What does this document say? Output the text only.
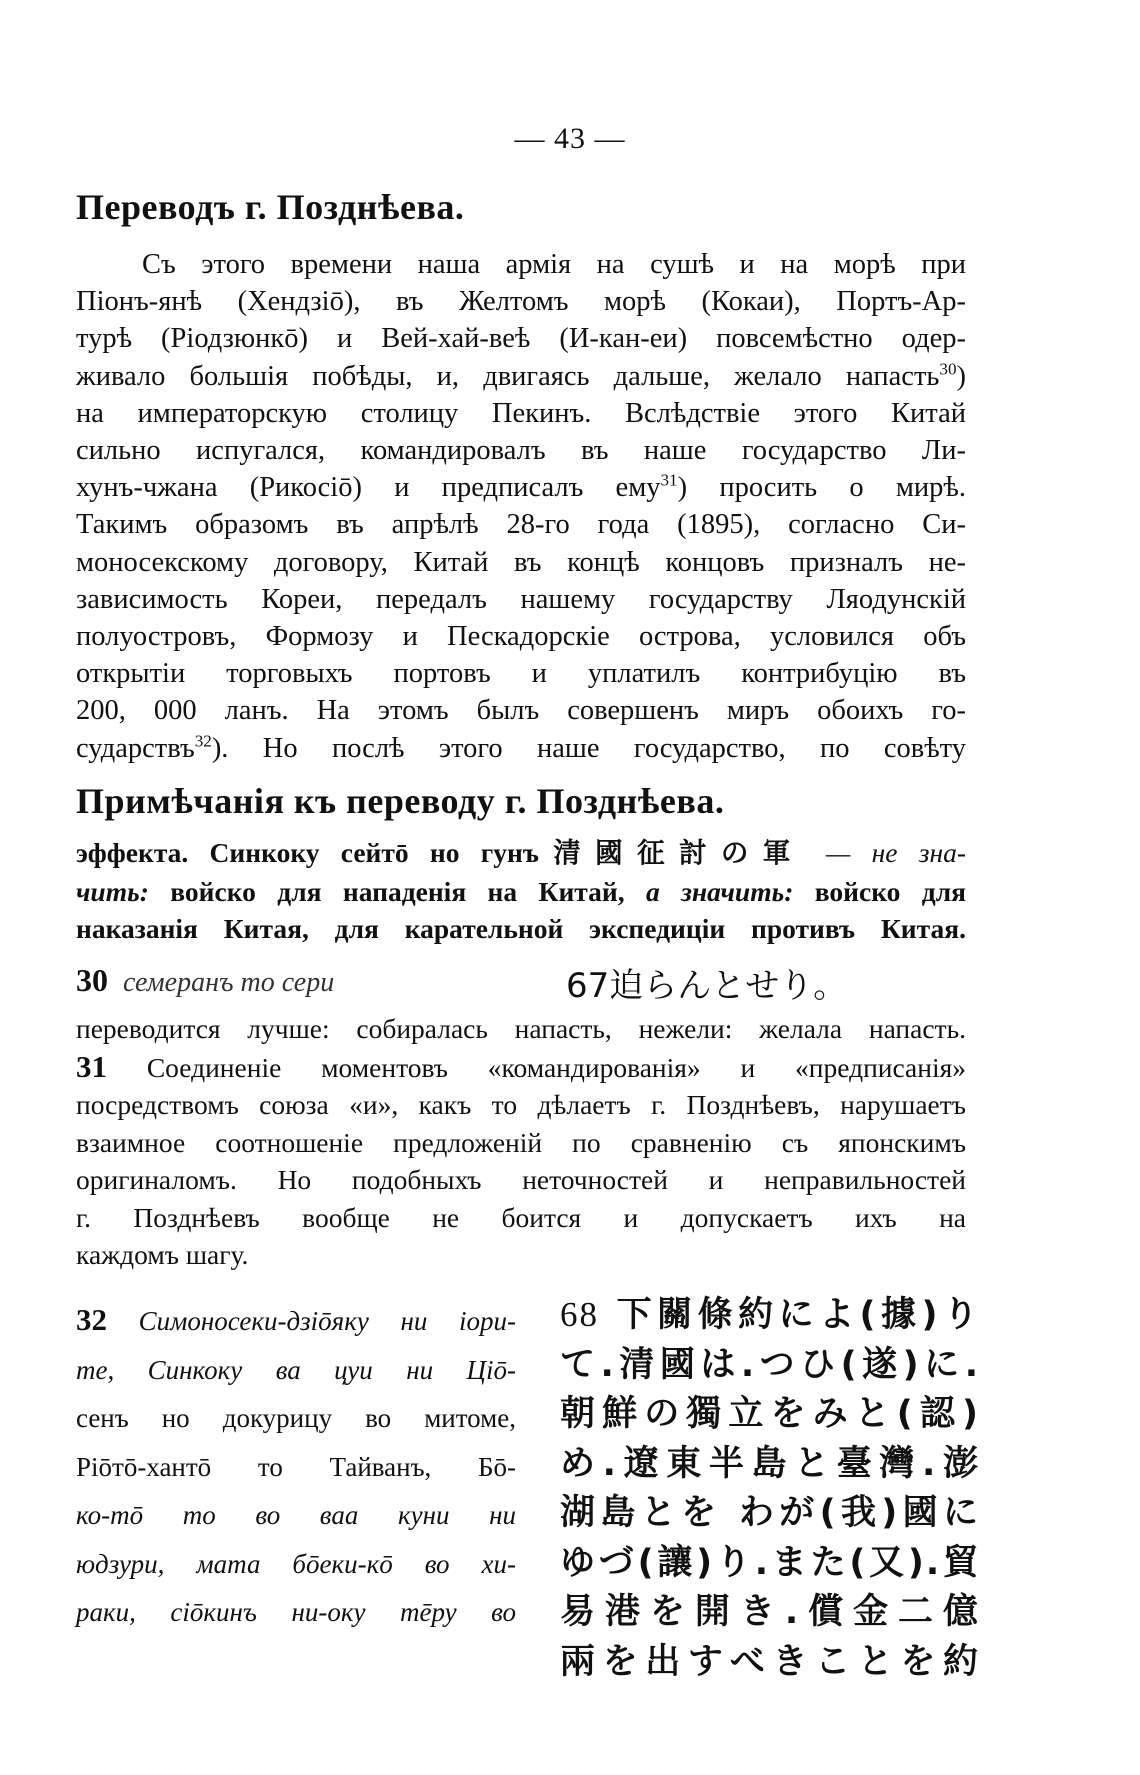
— 43 —
Переводъ г. Позднѣева.
Съ этого времени наша армія на сушѣ и на морѣ при
Піонъ-янѣ (Хендзіō), въ Желтомъ морѣ (Кокаи), Портъ-Ар-
турѣ (Ріодзюнкō) и Вей-хай-веѣ (И-кан-еи) повсемѣстно одер-
живало большія побѣды, и, двигаясь дальше, желало напасть$^{30}$)
на императорскую столицу Пекинъ. Вслѣдствіе этого Китай
сильно испугался, командировалъ въ наше государство Ли-
хунъ-чжана (Рикосіō) и предписалъ ему$^{31}$) просить о мирѣ.
Такимъ образомъ въ апрѣлѣ 28-го года (1895), согласно Си-
моносекскому договору, Китай въ концѣ концовъ призналъ не-
зависимость Кореи, передалъ нашему государству Ляодунскій
полуостровъ, Формозу и Пескадорскіе острова, условился объ
открытіи торговыхъ портовъ и уплатилъ контрибуцію въ
200, 000 ланъ. На этомъ былъ совершенъ миръ обоихъ го-
сударствъ$^{32}$). Но послѣ этого наше государство, по совѣту
Примѣчанія къ переводу г. Позднѣева.
эффекта. Синкоку сейтō но гунъ清國征討の軍 — не зна-
чить: войско для нападенія на Китай, а значить: войско для
наказанія Китая, для карательной экспедиціи противъ Китая.
30 семеранъ то сери	67迫らんとせり。
переводится лучше: собиралась напасть, нежели: желала напасть.
31 Соединеніе моментовъ «командированія» и «предписанія»
посредствомъ союза «и», какъ то дѣлаетъ г. Позднѣевъ, нарушаетъ
взаимное соотношеніе предложеній по сравненію съ японскимъ
оригиналомъ. Но подобныхъ неточностей и неправильностей
г. Позднѣевъ вообще не боится и допускаетъ ихъ на
каждомъ шагу.
32 Симоносеки-дзіōяку ни іори-
те, Синкоку ва цуи ни Ціō-
сенъ но докурицу во митоме,
Ріōтō-хантō то Тайванъ, Бō-
ко-тō то во ваа куни ни
юдзури, мата бōеки-кō во хи-
раки, сіōкинъ ни-оку тēру во
68 下關條約によ(據)り
て.清國は.つひ(遂)に.
朝鮮の獨立をみと(認)
め.遼東半島と臺灣.澎
湖島とを わが(我)國に
ゆづ(讓)り.また(又).貿
易港を開き.償金二億
兩を出すべきことを約
